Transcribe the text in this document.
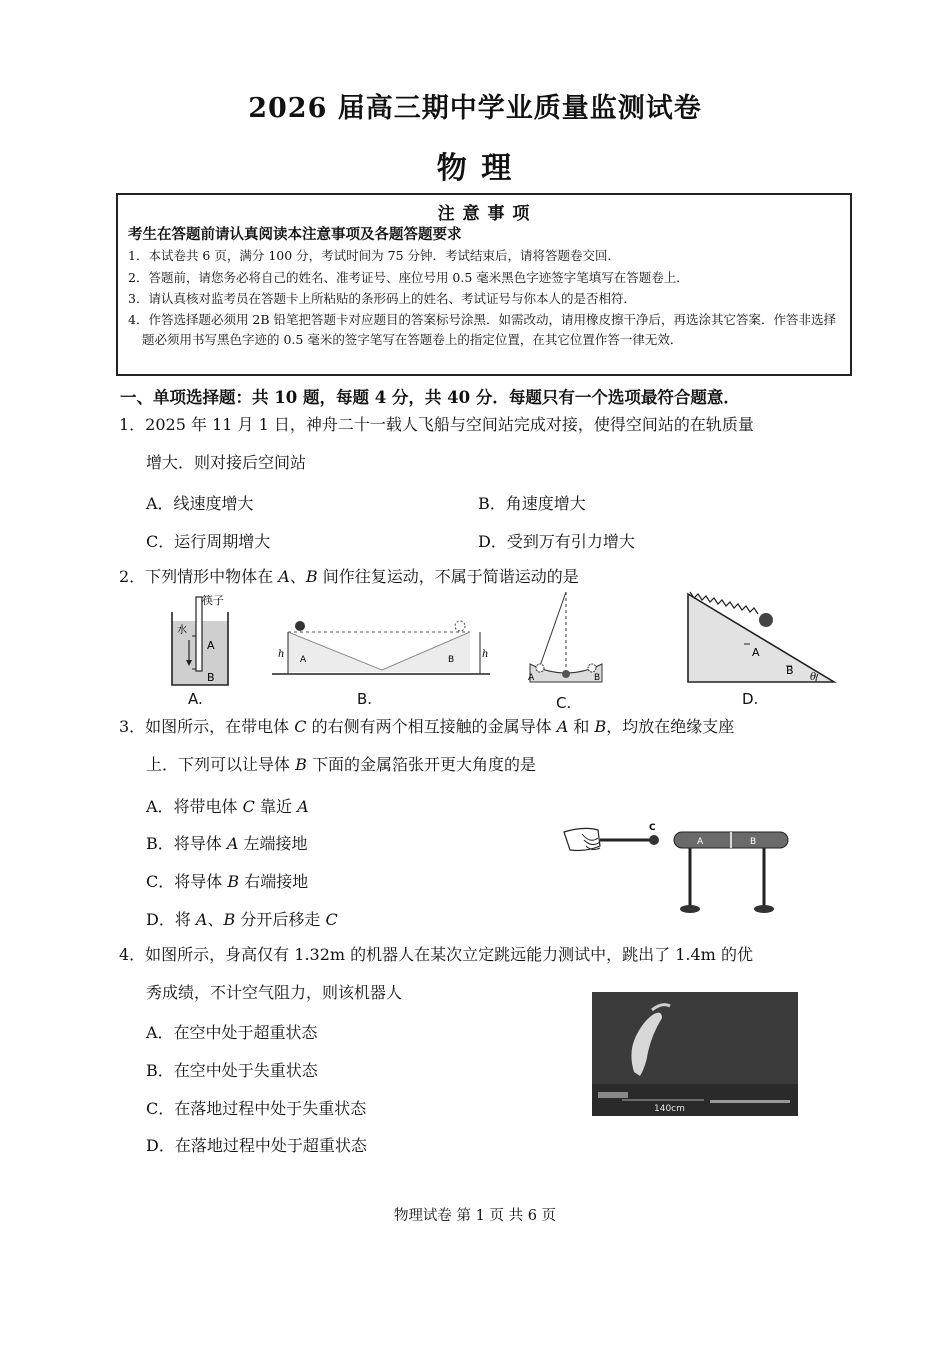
2026 届高三期中学业质量监测试卷
物 理
注 意 事 项
考生在答题前请认真阅读本注意事项及各题答题要求
1．本试卷共 6 页，满分 100 分，考试时间为 75 分钟．考试结束后，请将答题卷交回．
2．答题前，请您务必将自己的姓名、准考证号、座位号用 0.5 毫米黑色字迹签字笔填写在答题卷上．
3．请认真核对监考员在答题卡上所粘贴的条形码上的姓名、考试证号与你本人的是否相符．
4．作答选择题必须用 2B 铅笔把答题卡对应题目的答案标号涂黑．如需改动，请用橡皮擦干净后，再选涂其它答案．作答非选择题必须用书写黑色字迹的 0.5 毫米的签字笔写在答题卷上的指定位置，在其它位置作答一律无效．
一、单项选择题：共 10 题，每题 4 分，共 40 分．每题只有一个选项最符合题意．
1．2025 年 11 月 1 日，神舟二十一载人飞船与空间站完成对接，使得空间站的在轨质量
增大．则对接后空间站
A．线速度增大	B．角速度增大
C．运行周期增大	D．受到万有引力增大
2．下列情形中物体在 A、B 间作往复运动，不属于简谐运动的是
筷子
水
A
B
A.
h	h
A	B
B.
A	B
C.
A
B
θ
D.
3．如图所示，在带电体 C 的右侧有两个相互接触的金属导体 A 和 B，均放在绝缘支座
上．下列可以让导体 B 下面的金属箔张开更大角度的是
A．将带电体 C 靠近 A
B．将导体 A 左端接地
C．将导体 B 右端接地
D．将 A、B 分开后移走 C
C
A	B
4．如图所示，身高仅有 1.32m 的机器人在某次立定跳远能力测试中，跳出了 1.4m 的优
秀成绩，不计空气阻力，则该机器人
A．在空中处于超重状态
B．在空中处于失重状态
C．在落地过程中处于失重状态
D．在落地过程中处于超重状态
140cm
物理试卷 第 1 页 共 6 页
